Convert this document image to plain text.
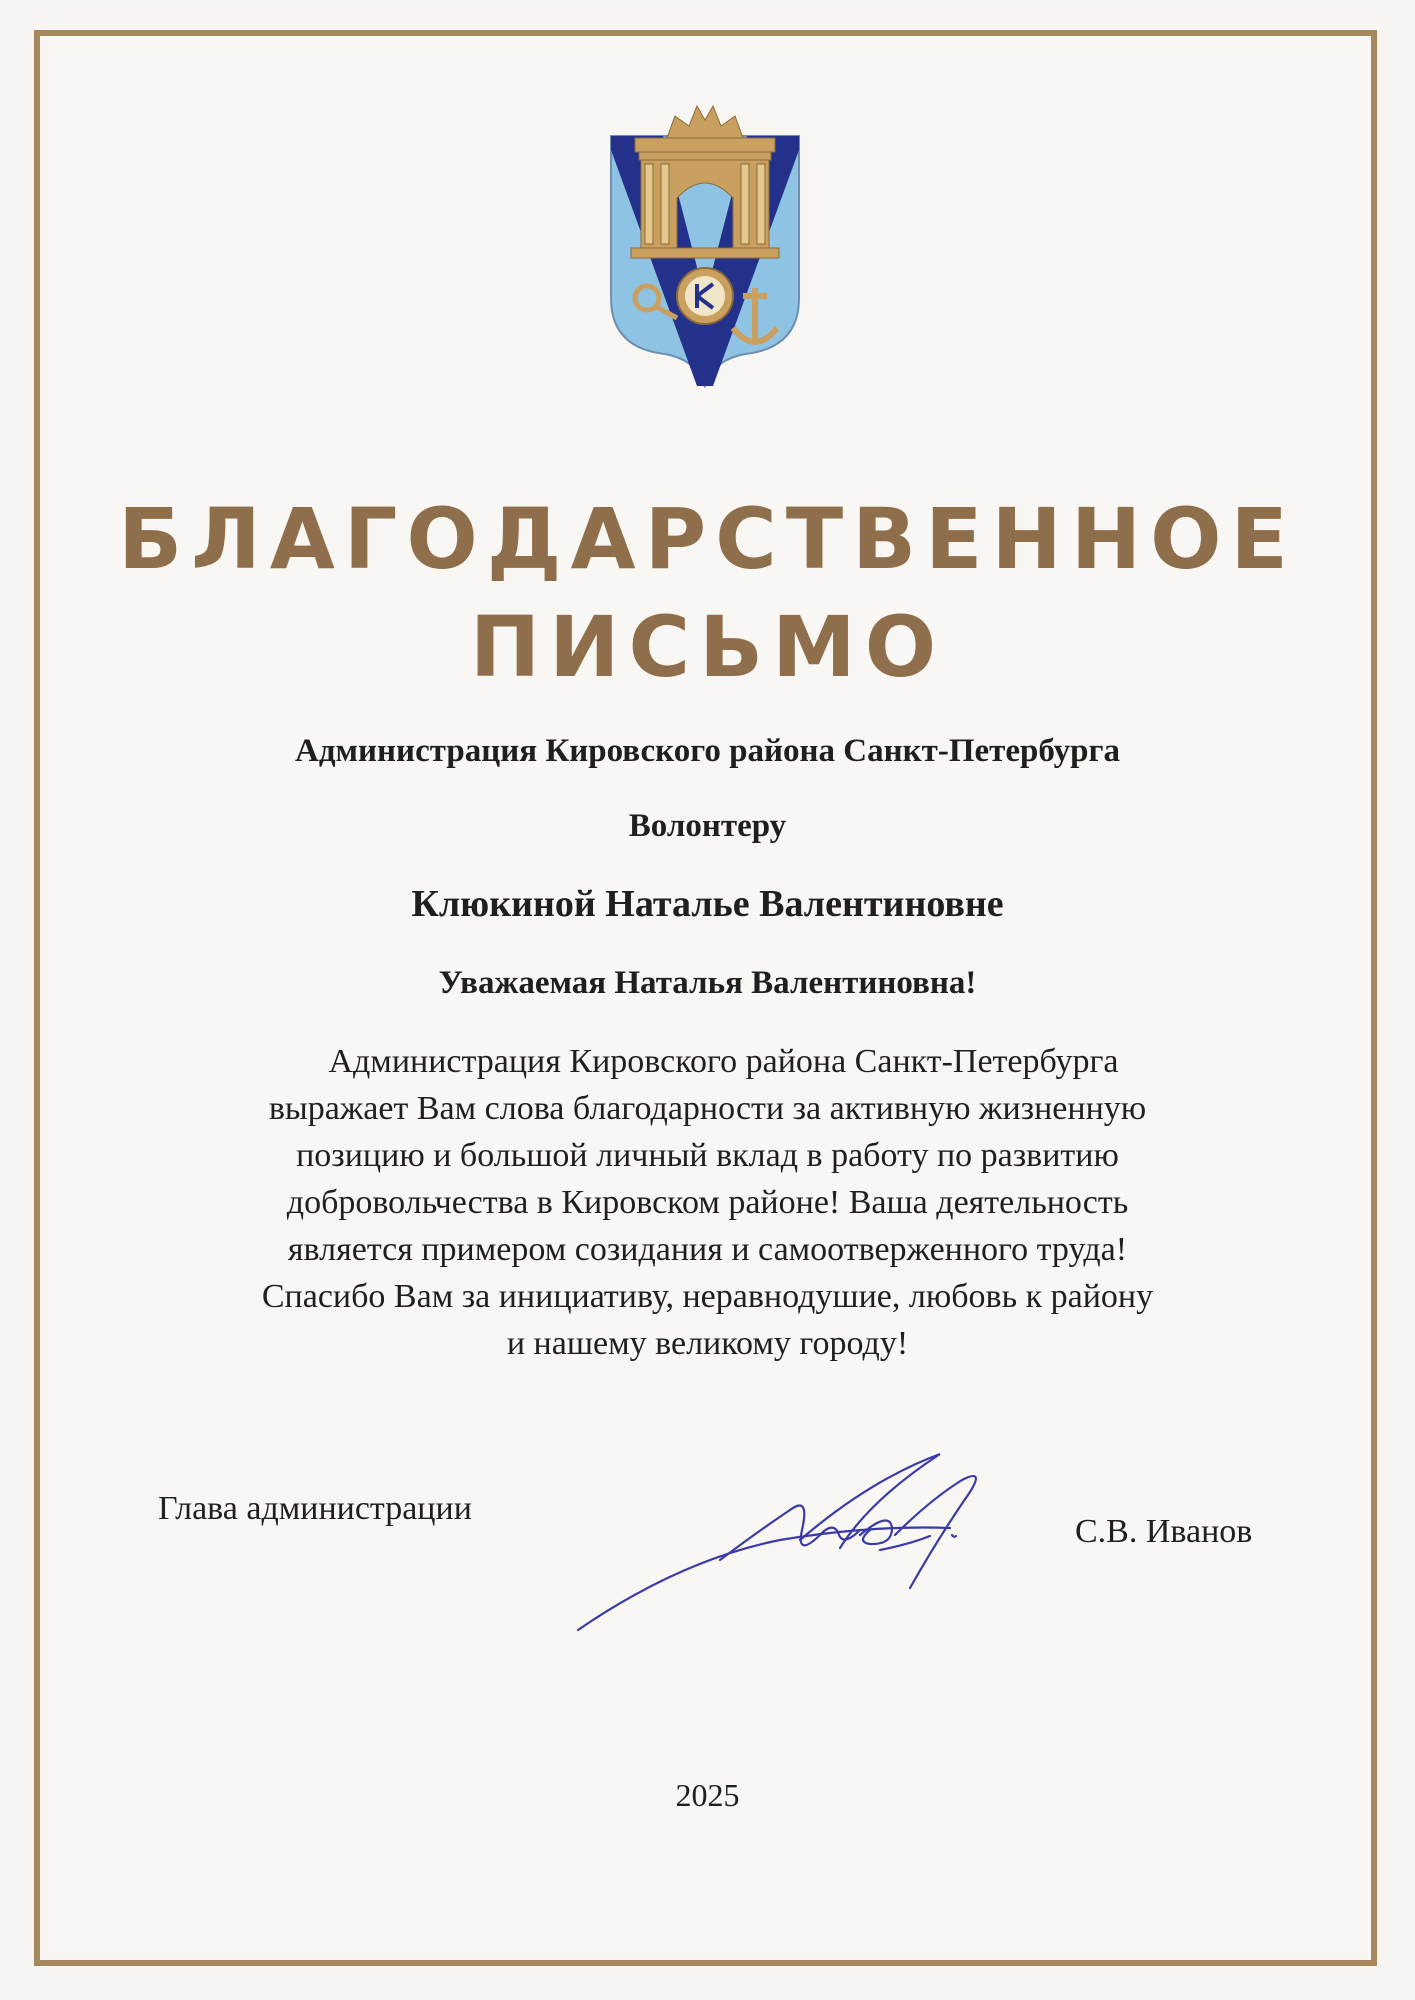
БЛАГОДАРСТВЕННОЕ
ПИСЬМО
Администрация Кировского района Санкт-Петербурга
Волонтеру
Клюкиной Наталье Валентиновне
Уважаемая Наталья Валентиновна!
Администрация Кировского района Санкт-Петербурга
выражает Вам слова благодарности за активную жизненную
позицию и большой личный вклад в работу по развитию
добровольчества в Кировском районе! Ваша деятельность
является примером созидания и самоотверженного труда!
Спасибо Вам за инициативу, неравнодушие, любовь к району
и нашему великому городу!
Глава администрации
С.В. Иванов
2025
